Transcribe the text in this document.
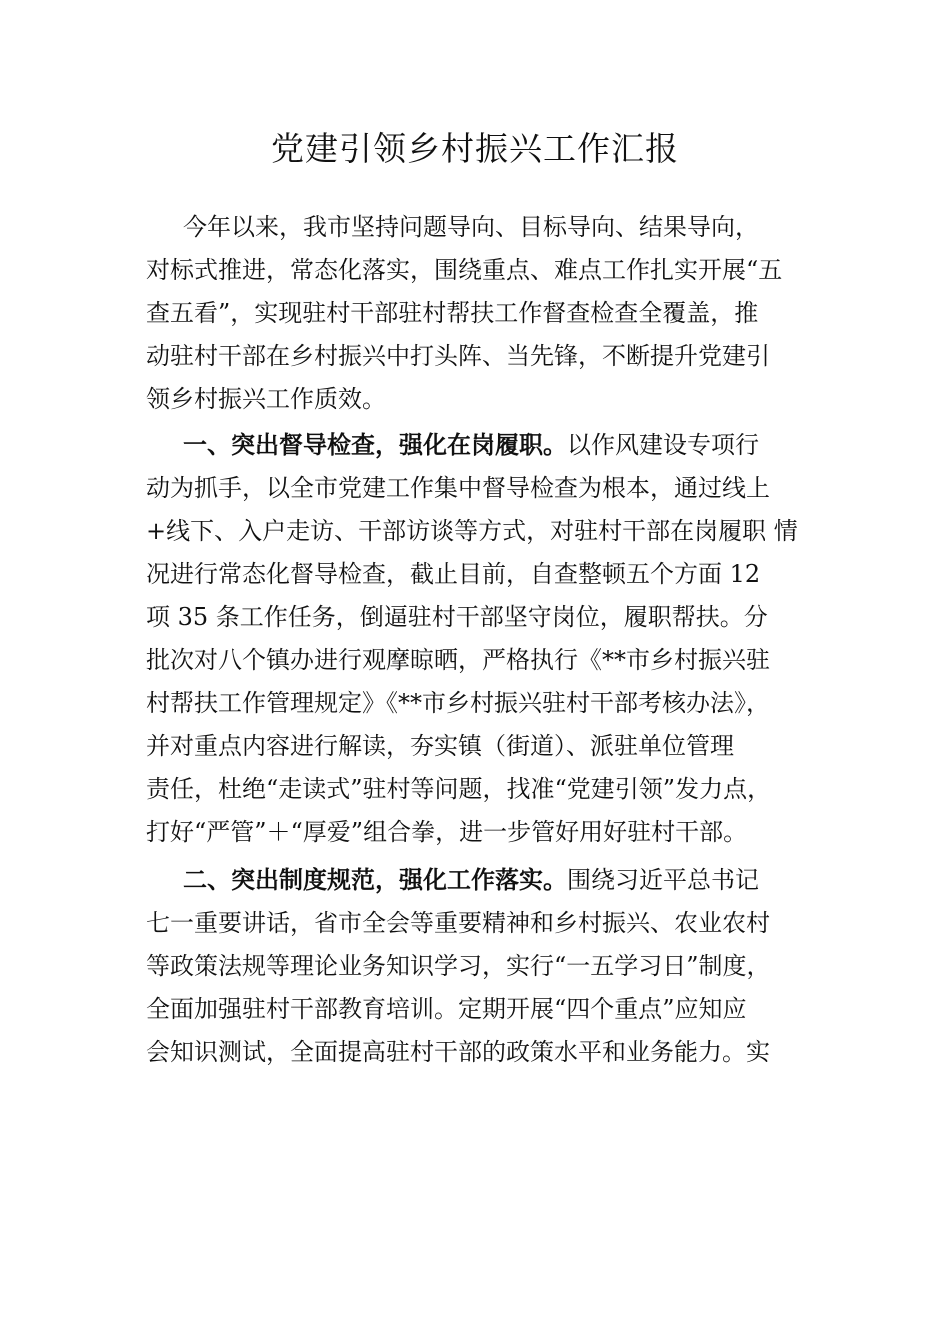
党建引领乡村振兴工作汇报
今年以来，我市坚持问题导向、目标导向、结果导向，
对标式推进，常态化落实，围绕重点、难点工作扎实开展“五
查五看”，实现驻村干部驻村帮扶工作督查检查全覆盖，推
动驻村干部在乡村振兴中打头阵、当先锋，不断提升党建引
领乡村振兴工作质效。
一、突出督导检查，强化在岗履职。以作风建设专项行
动为抓手，以全市党建工作集中督导检查为根本，通过线上
+线下、入户走访、干部访谈等方式，对驻村干部在岗履职 情
况进行常态化督导检查，截止目前，自查整顿五个方面 12
项 35 条工作任务，倒逼驻村干部坚守岗位，履职帮扶。分
批次对八个镇办进行观摩晾晒，严格执行《**市乡村振兴驻
村帮扶工作管理规定》《**市乡村振兴驻村干部考核办法》，
并对重点内容进行解读，夯实镇（街道）、派驻单位管理
责任，杜绝“走读式”驻村等问题，找准“党建引领”发力点，
打好“严管”＋“厚爱”组合拳，进一步管好用好驻村干部。
二、突出制度规范，强化工作落实。围绕习近平总书记
七一重要讲话，省市全会等重要精神和乡村振兴、农业农村
等政策法规等理论业务知识学习，实行“一五学习日”制度，
全面加强驻村干部教育培训。定期开展“四个重点”应知应
会知识测试，全面提高驻村干部的政策水平和业务能力。实
